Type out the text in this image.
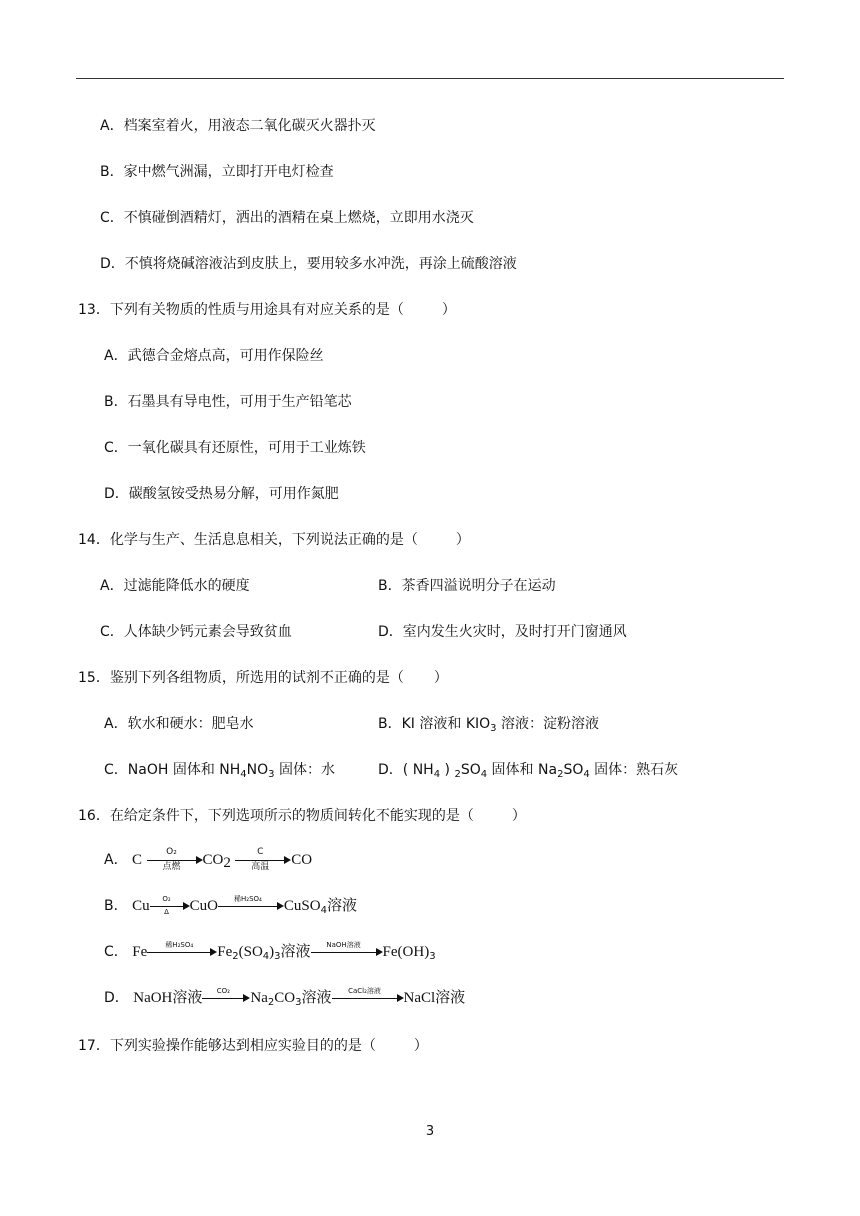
A．档案室着火，用液态二氧化碳灭火器扑灭
B．家中燃气洲漏，立即打开电灯检查
C．不慎碰倒酒精灯，洒出的酒精在桌上燃烧，立即用水浇灭
D．不慎将烧碱溶液沾到皮肤上，要用较多水冲洗，再涂上硫酸溶液
13．下列有关物质的性质与用途具有对应关系的是（	）
A．武德合金熔点高，可用作保险丝
B．石墨具有导电性，可用于生产铅笔芯
C．一氧化碳具有还原性，可用于工业炼铁
D．碳酸氢铵受热易分解，可用作氮肥
14．化学与生产、生活息息相关，下列说法正确的是（	）
A．过滤能降低水的硬度	B．茶香四溢说明分子在运动
C．人体缺少钙元素会导致贫血	D．室内发生火灾时，及时打开门窗通风
15．鉴别下列各组物质，所选用的试剂不正确的是（ ）
A．软水和硬水：肥皂水	B．KI 溶液和 $KIO_3$ 溶液：淀粉溶液
C．NaOH 固体和 $NH_4NO_3$ 固体：水	D．( $NH_4$ ) $_2SO_4$ 固体和 $Na_2SO_4$ 固体：熟石灰
16．在给定条件下，下列选项所示的物质间转化不能实现的是（	）
A． C	O₂
点燃	$CO_2$
C
高温	CO
B． Cu $\frac{\text{O₂}}{\Delta}$ CuO	稀H₂SO₄	CuSO$_4$溶液
C． Fe	稀H₂SO₄	$Fe_2(SO_4)_3$溶液	NaOH溶液	$Fe(OH)_3$
D． NaOH溶液	CO₂	$Na_2CO_3$溶液	CaCl₂溶液	NaCl溶液
17．下列实验操作能够达到相应实验目的的是（	）
3
